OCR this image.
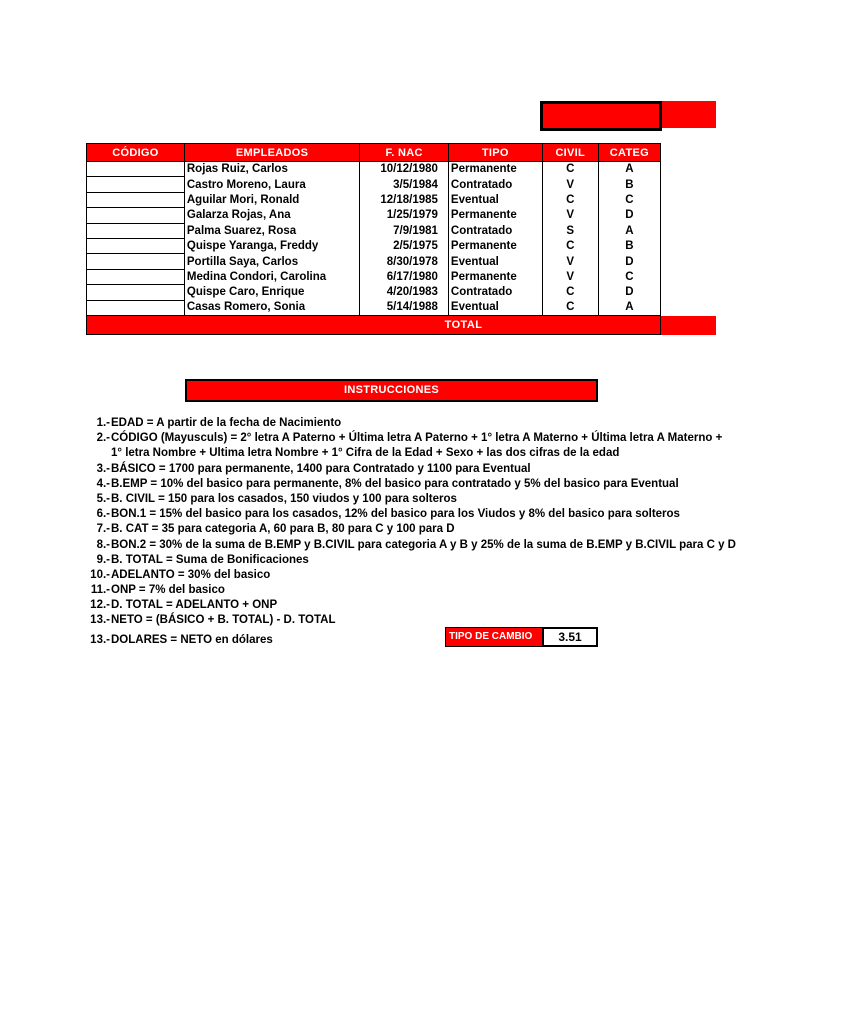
CÓDIGO	EMPLEADOS	F. NAC	TIPO	CIVIL	CATEG
	Rojas Ruiz, Carlos	10/12/1980	Permanente	C	A
	Castro Moreno, Laura	3/5/1984	Contratado	V	B
	Aguilar Mori, Ronald	12/18/1985	Eventual	C	C
	Galarza Rojas, Ana	1/25/1979	Permanente	V	D
	Palma Suarez, Rosa	7/9/1981	Contratado	S	A
	Quispe Yaranga, Freddy	2/5/1975	Permanente	C	B
	Portilla Saya, Carlos	8/30/1978	Eventual	V	D
	Medina Condori, Carolina	6/17/1980	Permanente	V	C
	Quispe Caro, Enrique	4/20/1983	Contratado	C	D
	Casas Romero, Sonia	5/14/1988	Eventual	C	A
TOTAL
INSTRUCCIONES
1.- EDAD = A partir de la fecha de Nacimiento
2.- CÓDIGO (Mayusculs) = 2° letra A Paterno + Última letra A Paterno + 1° letra A Materno + Última letra A Materno +
1° letra Nombre + Ultima letra Nombre + 1° Cifra de la Edad + Sexo + las dos cifras de la edad
3.- BÁSICO = 1700 para permanente, 1400 para Contratado y 1100 para Eventual
4.- B.EMP = 10% del basico para permanente, 8% del basico para contratado y 5% del basico para Eventual
5.- B. CIVIL = 150 para los casados, 150 viudos y 100 para solteros
6.- BON.1 = 15% del basico para los casados, 12% del basico para los Viudos y 8% del basico para solteros
7.- B. CAT = 35 para categoria A, 60 para B, 80 para C y 100 para D
8.- BON.2 = 30% de la suma de B.EMP y B.CIVIL para categoria A y B y 25% de la suma de B.EMP y B.CIVIL para C y D
9.- B. TOTAL = Suma de Bonificaciones
10.- ADELANTO = 30% del basico
11.- ONP = 7% del basico
12.- D. TOTAL = ADELANTO + ONP
13.- NETO = (BÁSICO + B. TOTAL) - D. TOTAL
13.- DOLARES = NETO en dólares	TIPO DE CAMBIO	3.51
